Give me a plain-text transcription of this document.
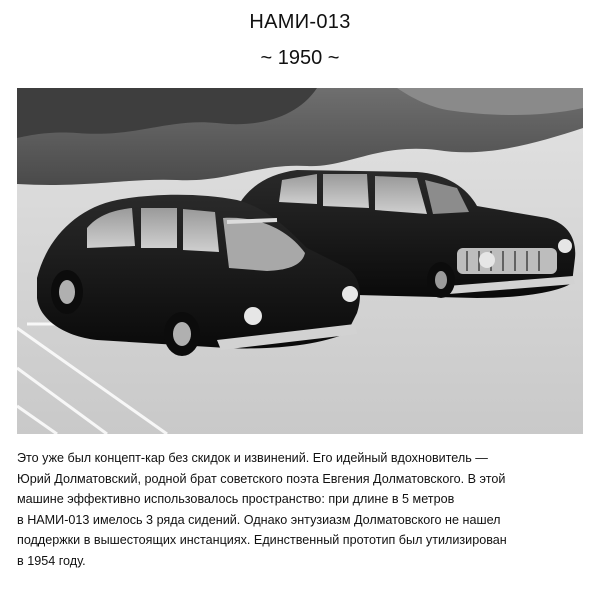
НАМИ-013
~ 1950 ~
Это уже был концепт-кар без скидок и извинений. Его идейный вдохновитель —
Юрий Долматовский, родной брат советского поэта Евгения Долматовского. В этой
машине эффективно использовалось пространство: при длине в 5 метров
в НАМИ-013 имелось 3 ряда сидений. Однако энтузиазм Долматовского не нашел
поддержки в вышестоящих инстанциях. Единственный прототип был утилизирован
в 1954 году.
